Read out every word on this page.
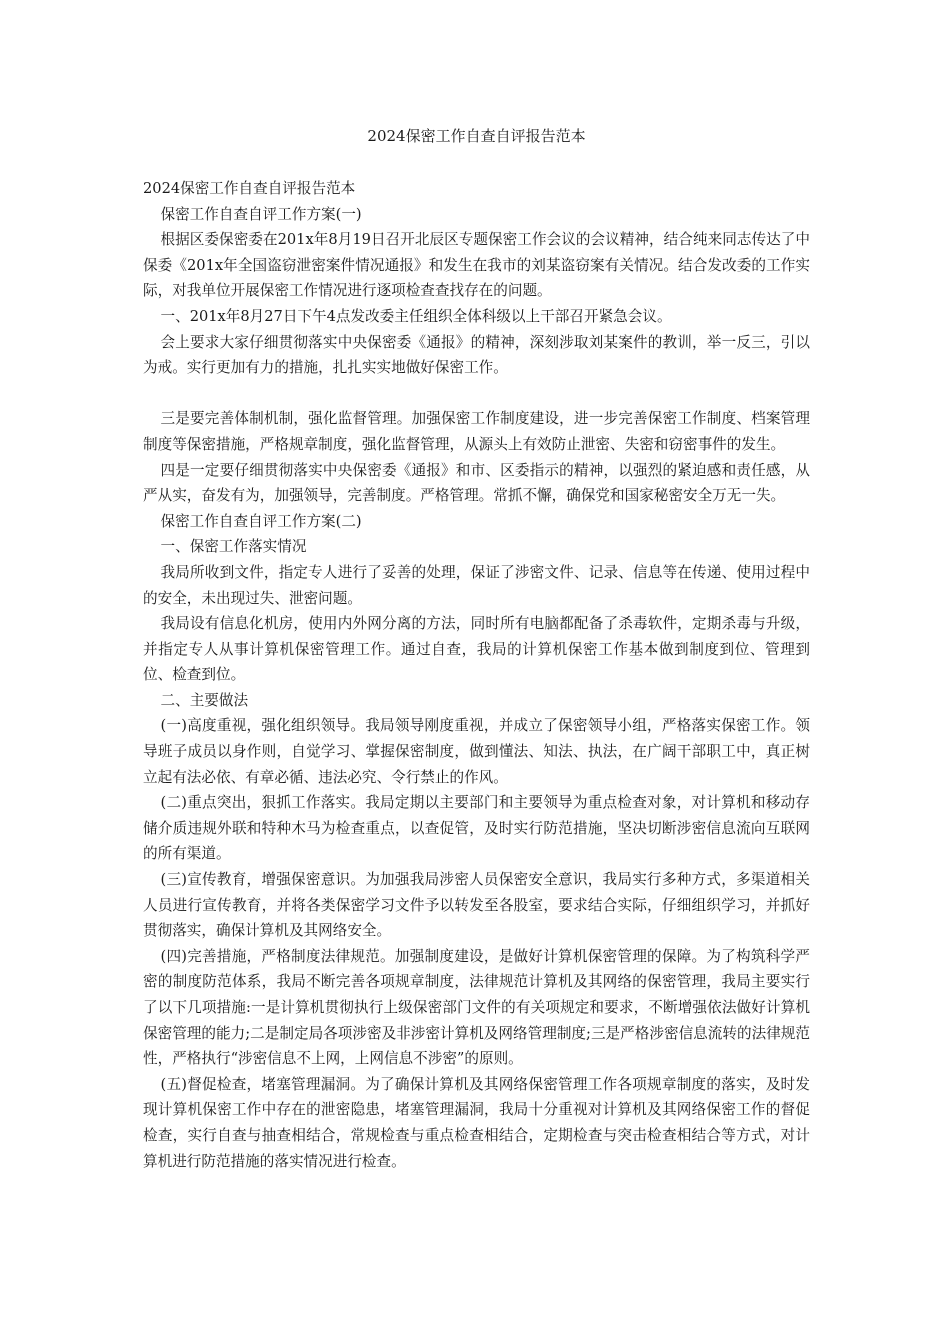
2024保密工作自查自评报告范本

2024保密工作自查自评报告范本

保密工作自查自评工作方案(一)

根据区委保密委在201x年8月19日召开北辰区专题保密工作会议的会议精神，结合纯来同志传达了中保委《201x年全国盗窃泄密案件情况通报》和发生在我市的刘某盗窃案有关情况。结合发改委的工作实际，对我单位开展保密工作情况进行逐项检查查找存在的问题。

一、201x年8月27日下午4点发改委主任组织全体科级以上干部召开紧急会议。

会上要求大家仔细贯彻落实中央保密委《通报》的精神，深刻涉取刘某案件的教训，举一反三，引以为戒。实行更加有力的措施，扎扎实实地做好保密工作。

三是要完善体制机制，强化监督管理。加强保密工作制度建设，进一步完善保密工作制度、档案管理制度等保密措施，严格规章制度，强化监督管理，从源头上有效防止泄密、失密和窃密事件的发生。

四是一定要仔细贯彻落实中央保密委《通报》和市、区委指示的精神，以强烈的紧迫感和责任感，从严从实，奋发有为，加强领导，完善制度。严格管理。常抓不懈，确保党和国家秘密安全万无一失。

保密工作自查自评工作方案(二)

一、保密工作落实情况

我局所收到文件，指定专人进行了妥善的处理，保证了涉密文件、记录、信息等在传递、使用过程中的安全，未出现过失、泄密问题。

我局设有信息化机房，使用内外网分离的方法，同时所有电脑都配备了杀毒软件，定期杀毒与升级，并指定专人从事计算机保密管理工作。通过自查，我局的计算机保密工作基本做到制度到位、管理到位、检查到位。

二、主要做法

(一)高度重视，强化组织领导。我局领导刚度重视，并成立了保密领导小组，严格落实保密工作。领导班子成员以身作则，自觉学习、掌握保密制度，做到懂法、知法、执法，在广阔干部职工中，真正树立起有法必依、有章必循、违法必究、令行禁止的作风。

(二)重点突出，狠抓工作落实。我局定期以主要部门和主要领导为重点检查对象，对计算机和移动存储介质违规外联和特种木马为检查重点，以查促管，及时实行防范措施，坚决切断涉密信息流向互联网的所有渠道。

(三)宣传教育，增强保密意识。为加强我局涉密人员保密安全意识，我局实行多种方式，多渠道相关人员进行宣传教育，并将各类保密学习文件予以转发至各股室，要求结合实际，仔细组织学习，并抓好贯彻落实，确保计算机及其网络安全。

(四)完善措施，严格制度法律规范。加强制度建设，是做好计算机保密管理的保障。为了构筑科学严密的制度防范体系，我局不断完善各项规章制度，法律规范计算机及其网络的保密管理，我局主要实行了以下几项措施:一是计算机贯彻执行上级保密部门文件的有关项规定和要求，不断增强依法做好计算机保密管理的能力;二是制定局各项涉密及非涉密计算机及网络管理制度;三是严格涉密信息流转的法律规范性，严格执行“涉密信息不上网，上网信息不涉密”的原则。

(五)督促检查，堵塞管理漏洞。为了确保计算机及其网络保密管理工作各项规章制度的落实，及时发现计算机保密工作中存在的泄密隐患，堵塞管理漏洞，我局十分重视对计算机及其网络保密工作的督促检查，实行自查与抽查相结合，常规检查与重点检查相结合，定期检查与突击检查相结合等方式，对计算机进行防范措施的落实情况进行检查。
